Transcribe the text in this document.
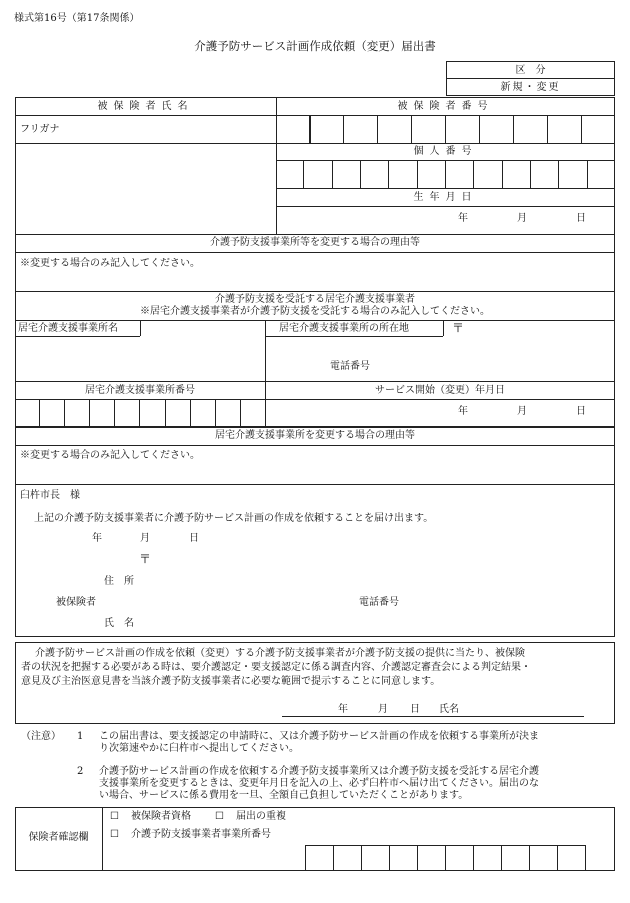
様式第16号（第17条関係）
介護予防サービス計画作成依頼（変更）届出書
区　分
新規・変更
被保険者氏名	被保険者番号
フリガナ
個人番号
生年月日
年	月	日
介護予防支援事業所等を変更する場合の理由等
※変更する場合のみ記入してください。
介護予防支援を受託する居宅介護支援事業者
※居宅介護支援事業者が介護予防支援を受託する場合のみ記入してください。
居宅介護支援事業所名	居宅介護支援事業所の所在地	〒
電話番号
居宅介護支援事業所番号	サービス開始（変更）年月日
年	月	日
居宅介護支援事業所を変更する場合の理由等
※変更する場合のみ記入してください。
臼杵市長　様
上記の介護予防支援事業者に介護予防サービス計画の作成を依頼することを届け出ます。
年	月	日
〒
住　所
被保険者	電話番号
氏　名
介護予防サービス計画の作成を依頼（変更）する介護予防支援事業者が介護予防支援の提供に当たり、被保険
者の状況を把握する必要がある時は、要介護認定・要支援認定に係る調査内容、介護認定審査会による判定結果・
意見及び主治医意見書を当該介護予防支援事業者に必要な範囲で提示することに同意します。
年	月 日 氏名
（注意） 1 この届出書は、要支援認定の申請時に、又は介護予防サービス計画の作成を依頼する事業所が決ま
り次第速やかに臼杵市へ提出してください。
2 介護予防サービス計画の作成を依頼する介護予防支援事業所又は介護予防支援を受託する居宅介護
支援事業所を変更するときは、変更年月日を記入の上、必ず臼杵市へ届け出てください。届出のな
い場合、サービスに係る費用を一旦、全額自己負担していただくことがあります。
保険者確認欄
☐ 被保険者資格 ☐ 届出の重複
☐ 介護予防支援事業者事業所番号
